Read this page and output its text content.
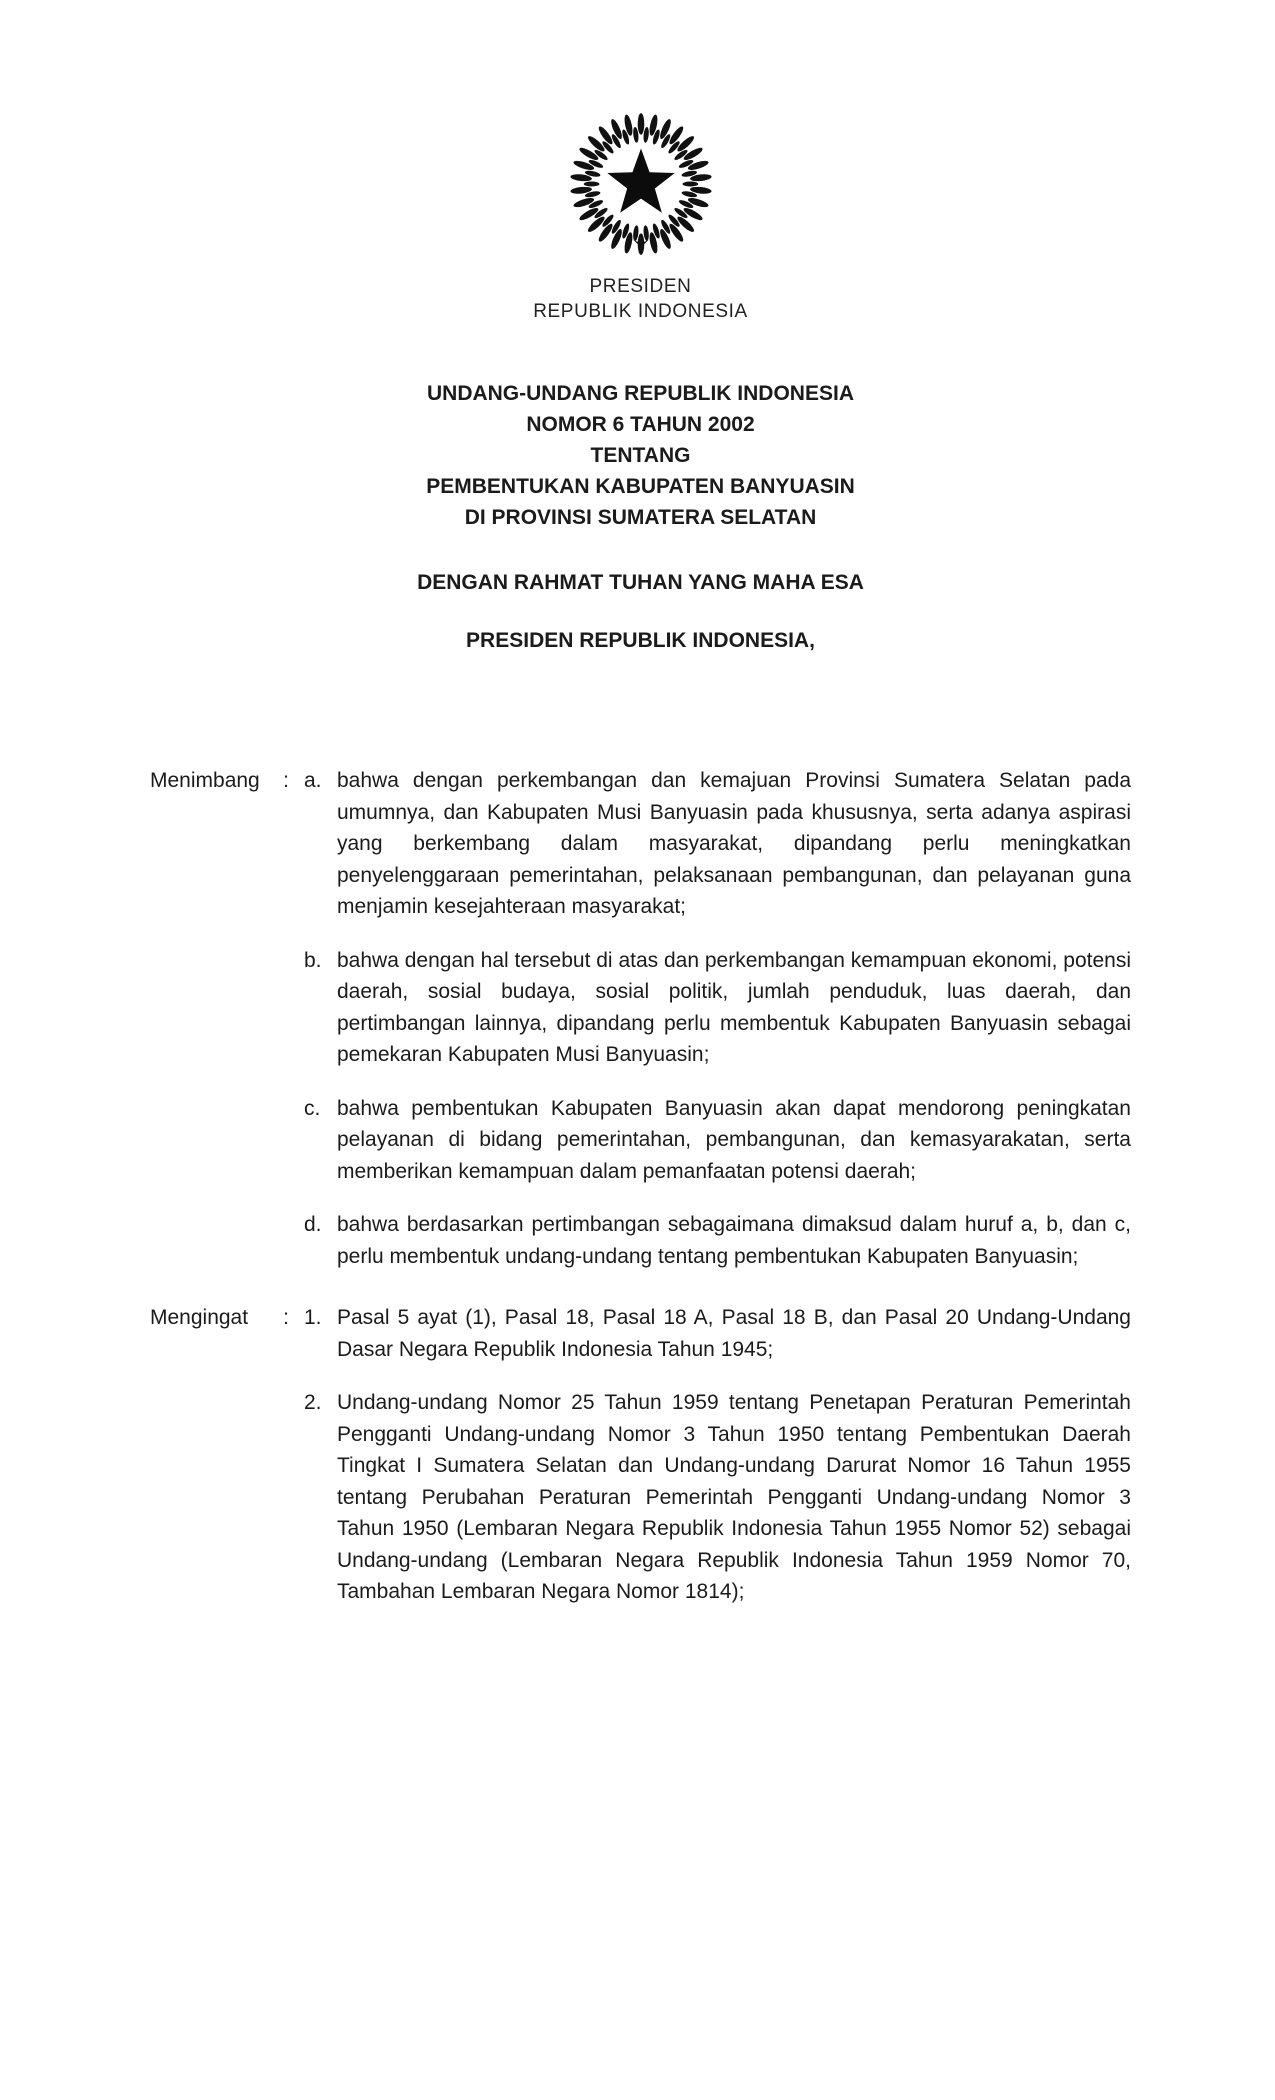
PRESIDEN
REPUBLIK INDONESIA
UNDANG-UNDANG REPUBLIK INDONESIA
NOMOR 6 TAHUN 2002
TENTANG
PEMBENTUKAN KABUPATEN BANYUASIN
DI PROVINSI SUMATERA SELATAN
DENGAN RAHMAT TUHAN YANG MAHA ESA
PRESIDEN REPUBLIK INDONESIA,
Menimbang	: a. bahwa dengan perkembangan dan kemajuan Provinsi Sumatera Selatan pada umumnya, dan Kabupaten Musi Banyuasin pada khususnya, serta adanya aspirasi yang berkembang dalam masyarakat, dipandang perlu meningkatkan penyelenggaraan pemerintahan, pelaksanaan pembangunan, dan pelayanan guna menjamin kesejahteraan masyarakat;
b. bahwa dengan hal tersebut di atas dan perkembangan kemampuan ekonomi, potensi daerah, sosial budaya, sosial politik, jumlah penduduk, luas daerah, dan pertimbangan lainnya, dipandang perlu membentuk Kabupaten Banyuasin sebagai pemekaran Kabupaten Musi Banyuasin;
c. bahwa pembentukan Kabupaten Banyuasin akan dapat mendorong peningkatan pelayanan di bidang pemerintahan, pembangunan, dan kemasyarakatan, serta memberikan kemampuan dalam pemanfaatan potensi daerah;
d. bahwa berdasarkan pertimbangan sebagaimana dimaksud dalam huruf a, b, dan c, perlu membentuk undang-undang tentang pembentukan Kabupaten Banyuasin;
Mengingat	: 1. Pasal 5 ayat (1), Pasal 18, Pasal 18 A, Pasal 18 B, dan Pasal 20 Undang-Undang Dasar Negara Republik Indonesia Tahun 1945;
2. Undang-undang Nomor 25 Tahun 1959 tentang Penetapan Peraturan Pemerintah Pengganti Undang-undang Nomor 3 Tahun 1950 tentang Pembentukan Daerah Tingkat I Sumatera Selatan dan Undang-undang Darurat Nomor 16 Tahun 1955 tentang Perubahan Peraturan Pemerintah Pengganti Undang-undang Nomor 3 Tahun 1950 (Lembaran Negara Republik Indonesia Tahun 1955 Nomor 52) sebagai Undang-undang (Lembaran Negara Republik Indonesia Tahun 1959 Nomor 70, Tambahan Lembaran Negara Nomor 1814);
